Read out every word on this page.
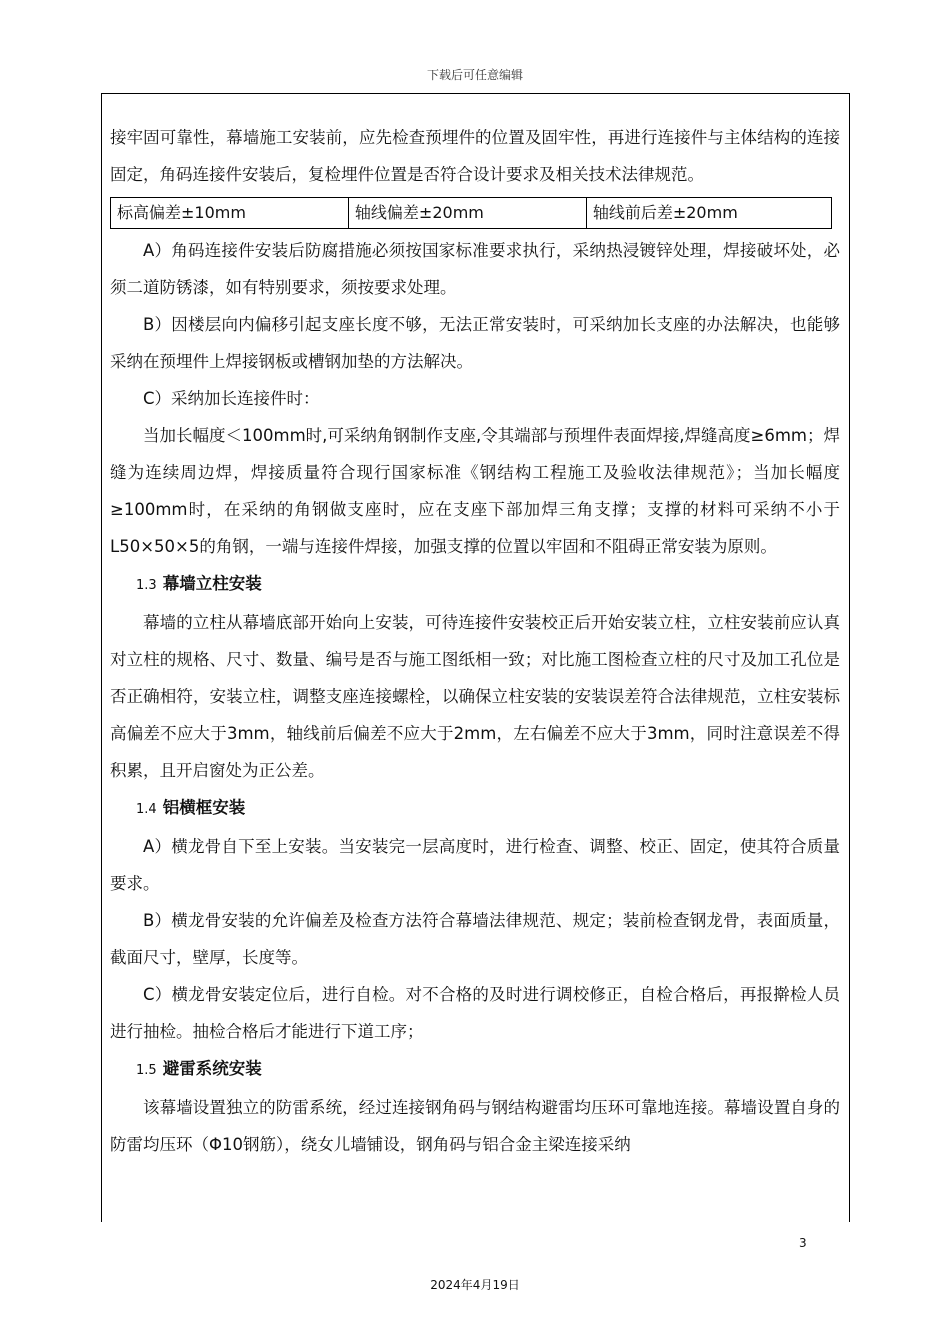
下载后可任意编辑

接牢固可靠性，幕墙施工安装前，应先检查预埋件的位置及固牢性，再进行连接件与主体结构的连接固定，角码连接件安装后，复检埋件位置是否符合设计要求及相关技术法律规范。

标高偏差±10mm	轴线偏差±20mm	轴线前后差±20mm

A）角码连接件安装后防腐措施必须按国家标准要求执行，采纳热浸镀锌处理，焊接破坏处，必须二道防锈漆，如有特别要求，须按要求处理。

B）因楼层向内偏移引起支座长度不够，无法正常安装时，可采纳加长支座的办法解决，也能够采纳在预埋件上焊接钢板或槽钢加垫的方法解决。

C）采纳加长连接件时：

当加长幅度＜100mm时,可采纳角钢制作支座,令其端部与预埋件表面焊接,焊缝高度≥6mm；焊缝为连续周边焊，焊接质量符合现行国家标准《钢结构工程施工及验收法律规范》；当加长幅度≥100mm时，在采纳的角钢做支座时，应在支座下部加焊三角支撑；支撑的材料可采纳不小于L50×50×5的角钢，一端与连接件焊接，加强支撑的位置以牢固和不阻碍正常安装为原则。

1.3 幕墙立柱安装

幕墙的立柱从幕墙底部开始向上安装，可待连接件安装校正后开始安装立柱，立柱安装前应认真对立柱的规格、尺寸、数量、编号是否与施工图纸相一致；对比施工图检查立柱的尺寸及加工孔位是否正确相符，安装立柱，调整支座连接螺栓，以确保立柱安装的安装误差符合法律规范，立柱安装标高偏差不应大于3mm，轴线前后偏差不应大于2mm，左右偏差不应大于3mm，同时注意误差不得积累，且开启窗处为正公差。

1.4 铝横框安装

A）横龙骨自下至上安装。当安装完一层高度时，进行检查、调整、校正、固定，使其符合质量要求。

B）横龙骨安装的允许偏差及检查方法符合幕墙法律规范、规定；装前检查钢龙骨，表面质量，截面尺寸，壁厚，长度等。

C）横龙骨安装定位后，进行自检。对不合格的及时进行调校修正，自检合格后，再报擀检人员进行抽检。抽检合格后才能进行下道工序；

1.5 避雷系统安装

该幕墙设置独立的防雷系统，经过连接钢角码与钢结构避雷均压环可靠地连接。幕墙设置自身的防雷均压环（Φ10钢筋），绕女儿墙铺设，钢角码与铝合金主梁连接采纳

3
2024年4月19日
